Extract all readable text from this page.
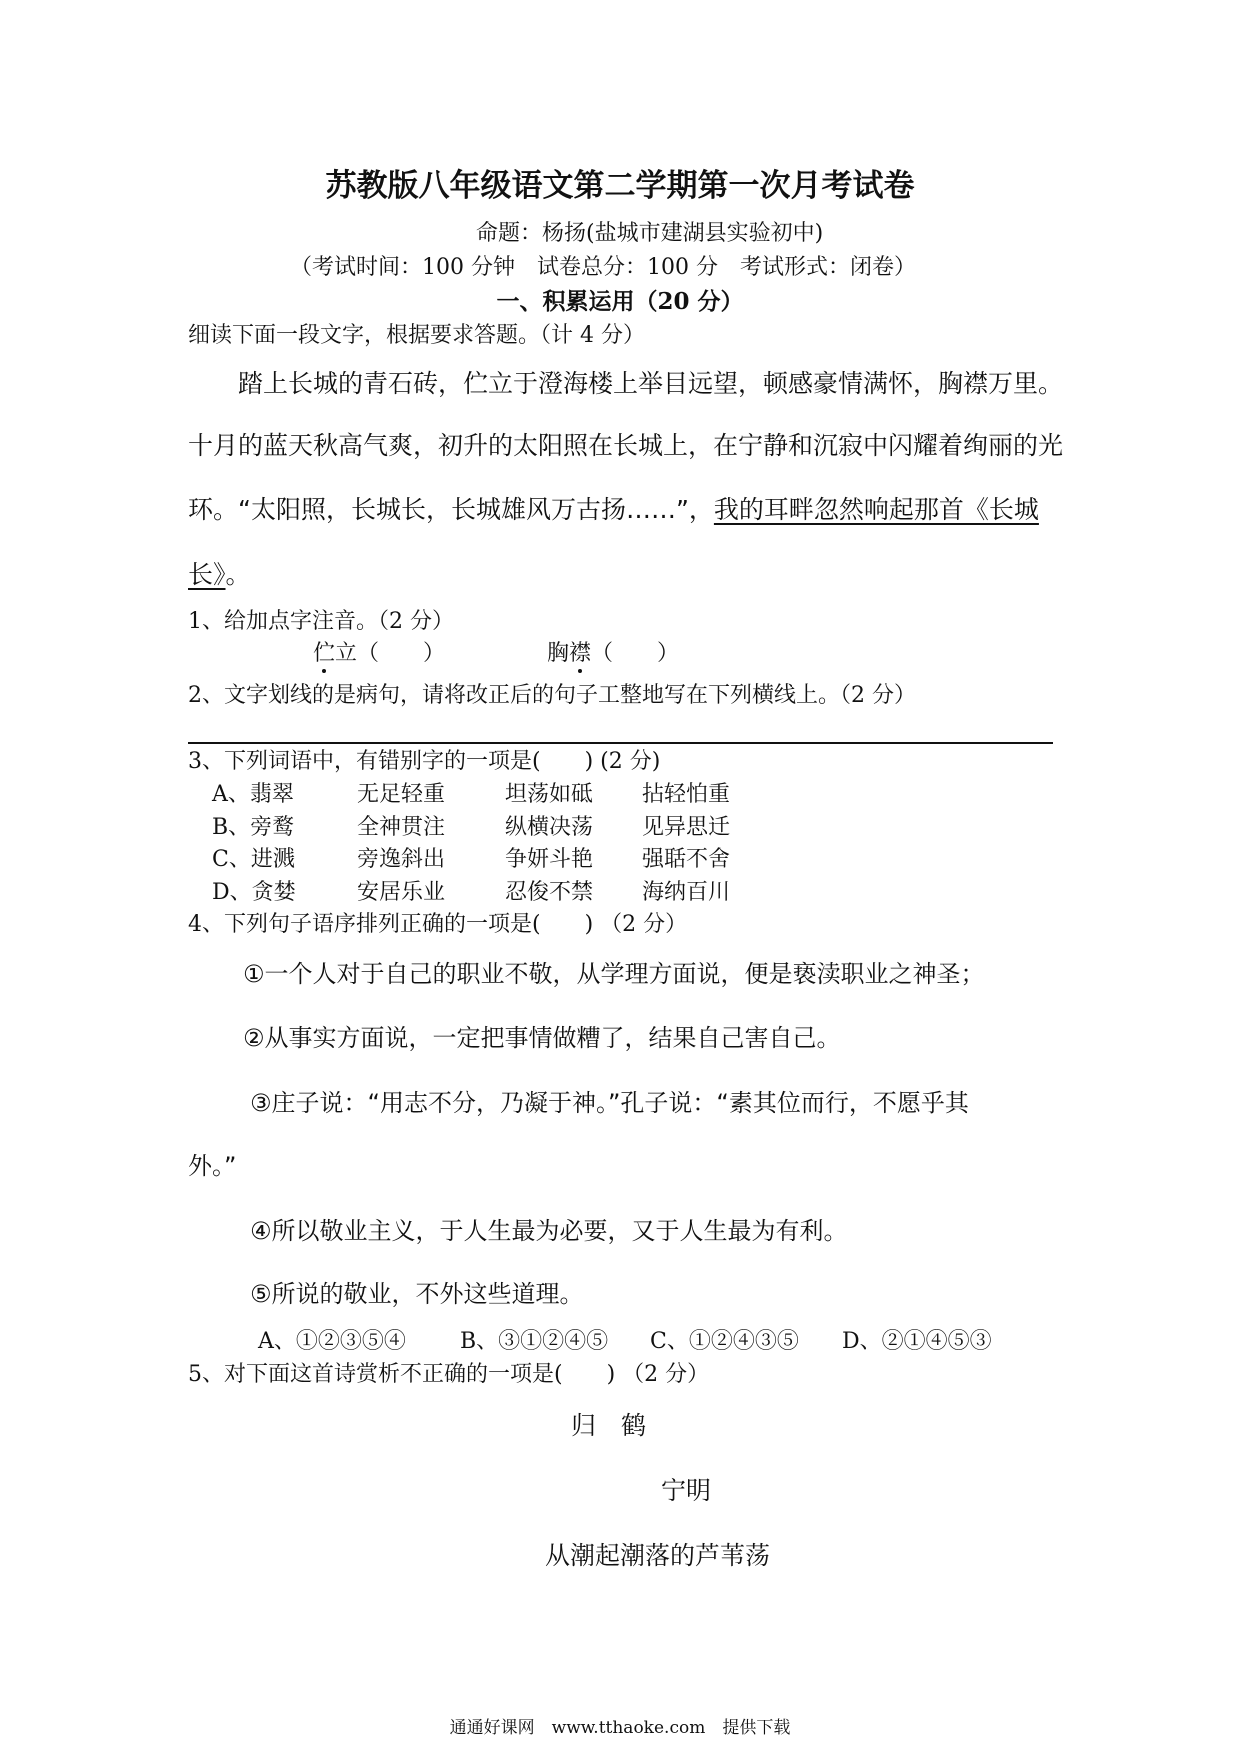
苏教版八年级语文第二学期第一次月考试卷
命题：杨扬(盐城市建湖县实验初中)
（考试时间：100 分钟　试卷总分：100 分　考试形式：闭卷）
一、积累运用（20 分）
细读下面一段文字，根据要求答题。（计 4 分）
踏上长城的青石砖，伫立于澄海楼上举目远望，顿感豪情满怀，胸襟万里。
十月的蓝天秋高气爽，初升的太阳照在长城上，在宁静和沉寂中闪耀着绚丽的光
环。“太阳照，长城长，长城雄风万古扬……”，我的耳畔忽然响起那首《长城
长》。
1、给加点字注音。（2 分）
伫立（　　）	胸襟（　　）
2、文字划线的是病句，请将改正后的句子工整地写在下列横线上。（2 分）
3、下列词语中，有错别字的一项是(　　) (2 分)
A、翡翠	无足轻重	坦荡如砥 拈轻怕重
B、旁鹜	全神贯注	纵横决荡 见异思迁
C、进溅	旁逸斜出	争妍斗艳 强聒不舍
D、贪婪	安居乐业	忍俊不禁 海纳百川
4、下列句子语序排列正确的一项是(　　) （2 分）
①一个人对于自己的职业不敬，从学理方面说，便是亵渎职业之神圣；
②从事实方面说，一定把事情做糟了，结果自己害自己。
③庄子说：“用志不分，乃凝于神。”孔子说：“素其位而行，不愿乎其
外。”
④所以敬业主义，于人生最为必要，又于人生最为有利。
⑤所说的敬业，不外这些道理。
A、①②③⑤④ B、③①②④⑤ C、①②④③⑤ D、②①④⑤③
5、对下面这首诗赏析不正确的一项是(　　) （2 分）
归　鹤
宁明
从潮起潮落的芦苇荡
通通好课网　www.tthaoke.com　提供下载
